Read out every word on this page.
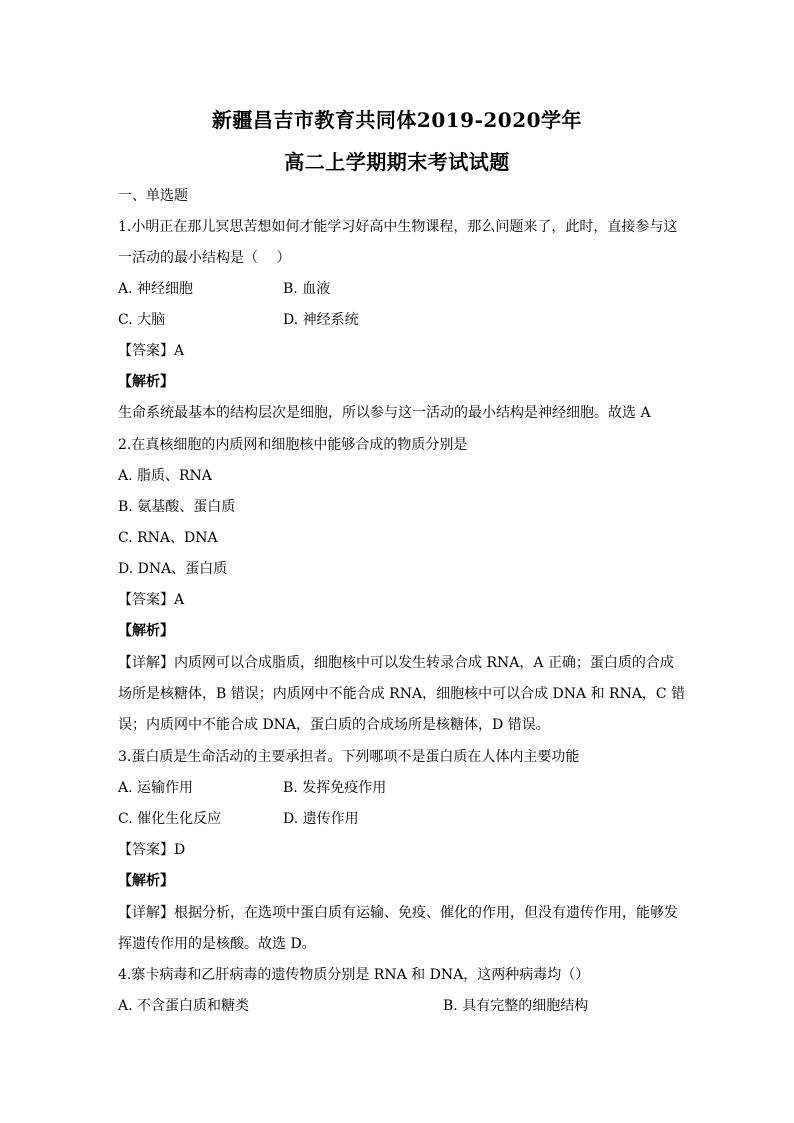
新疆昌吉市教育共同体2019-2020学年
高二上学期期末考试试题
一、单选题
1.小明正在那儿冥思苦想如何才能学习好高中生物课程，那么问题来了，此时，直接参与这
一活动的最小结构是（　 ）
A. 神经细胞	B. 血液
C. 大脑	D. 神经系统
【答案】A
【解析】
生命系统最基本的结构层次是细胞，所以参与这一活动的最小结构是神经细胞。故选 A
2.在真核细胞的内质网和细胞核中能够合成的物质分别是
A. 脂质、RNA
B. 氨基酸、蛋白质
C. RNA、DNA
D. DNA、蛋白质
【答案】A
【解析】
【详解】内质网可以合成脂质，细胞核中可以发生转录合成 RNA，A 正确；蛋白质的合成
场所是核糖体，B 错误；内质网中不能合成 RNA，细胞核中可以合成 DNA 和 RNA，C 错
误；内质网中不能合成 DNA，蛋白质的合成场所是核糖体，D 错误。
3.蛋白质是生命活动的主要承担者。下列哪项不是蛋白质在人体内主要功能
A. 运输作用	B. 发挥免疫作用
C. 催化生化反应	D. 遗传作用
【答案】D
【解析】
【详解】根据分析，在选项中蛋白质有运输、免疫、催化的作用，但没有遗传作用，能够发
挥遗传作用的是核酸。故选 D。
4.寨卡病毒和乙肝病毒的遗传物质分别是 RNA 和 DNA，这两种病毒均（）
A. 不含蛋白质和糖类	B. 具有完整的细胞结构
